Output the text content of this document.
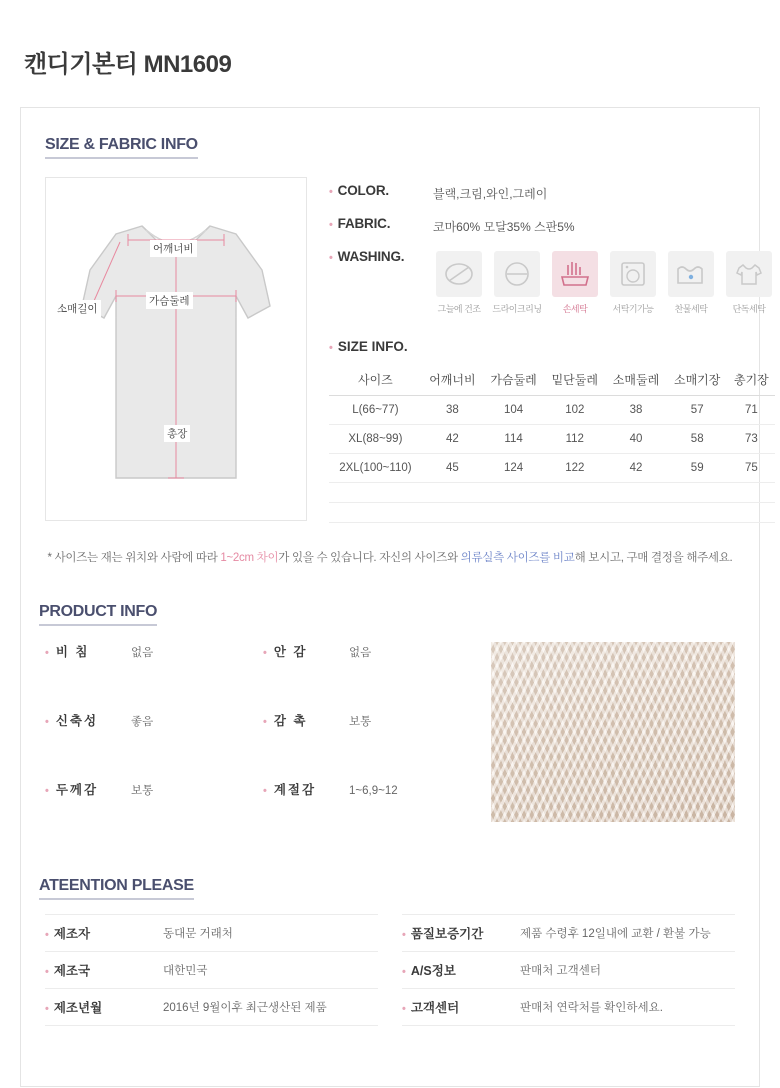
캔디기본티 MN1609
SIZE & FABRIC INFO
어깨너비
가슴둘레
소매길이
총장
• COLOR.	블랙,크림,와인,그레이
• FABRIC.	코마60% 모달35% 스판5%
• WASHING.
그늘에 건조	드라이크리닝	손세탁	서탁기가능	찬물세탁	단독세탁
• SIZE INFO.
사이즈	어깨너비	가슴둘레	밑단둘레	소매둘레	소매기장	총기장
L(66~77)	38	104	102	38	57	71
XL(88~99)	42	114	112	40	58	73
2XL(100~110)	45	124	122	42	59	75

* 사이즈는 재는 위치와 사람에 따라 1~2cm 차이가 있을 수 있습니다. 자신의 사이즈와 의류실측 사이즈를 비교해 보시고, 구매 결정을 해주세요.
PRODUCT INFO
• 비 침	없음
• 신축성	좋음
• 두께감	보통
• 안 감	없음
• 감 촉	보통
• 계절감	1~6,9~12
ATEENTION PLEASE
• 제조자	동대문 거래처
• 제조국	대한민국
• 제조년월	2016년 9월이후 최근생산된 제품
• 품질보증기간	제품 수령후 12일내에 교환 / 환불 가능
• A/S정보	판매처 고객센터
• 고객센터	판매처 연락처를 확인하세요.
